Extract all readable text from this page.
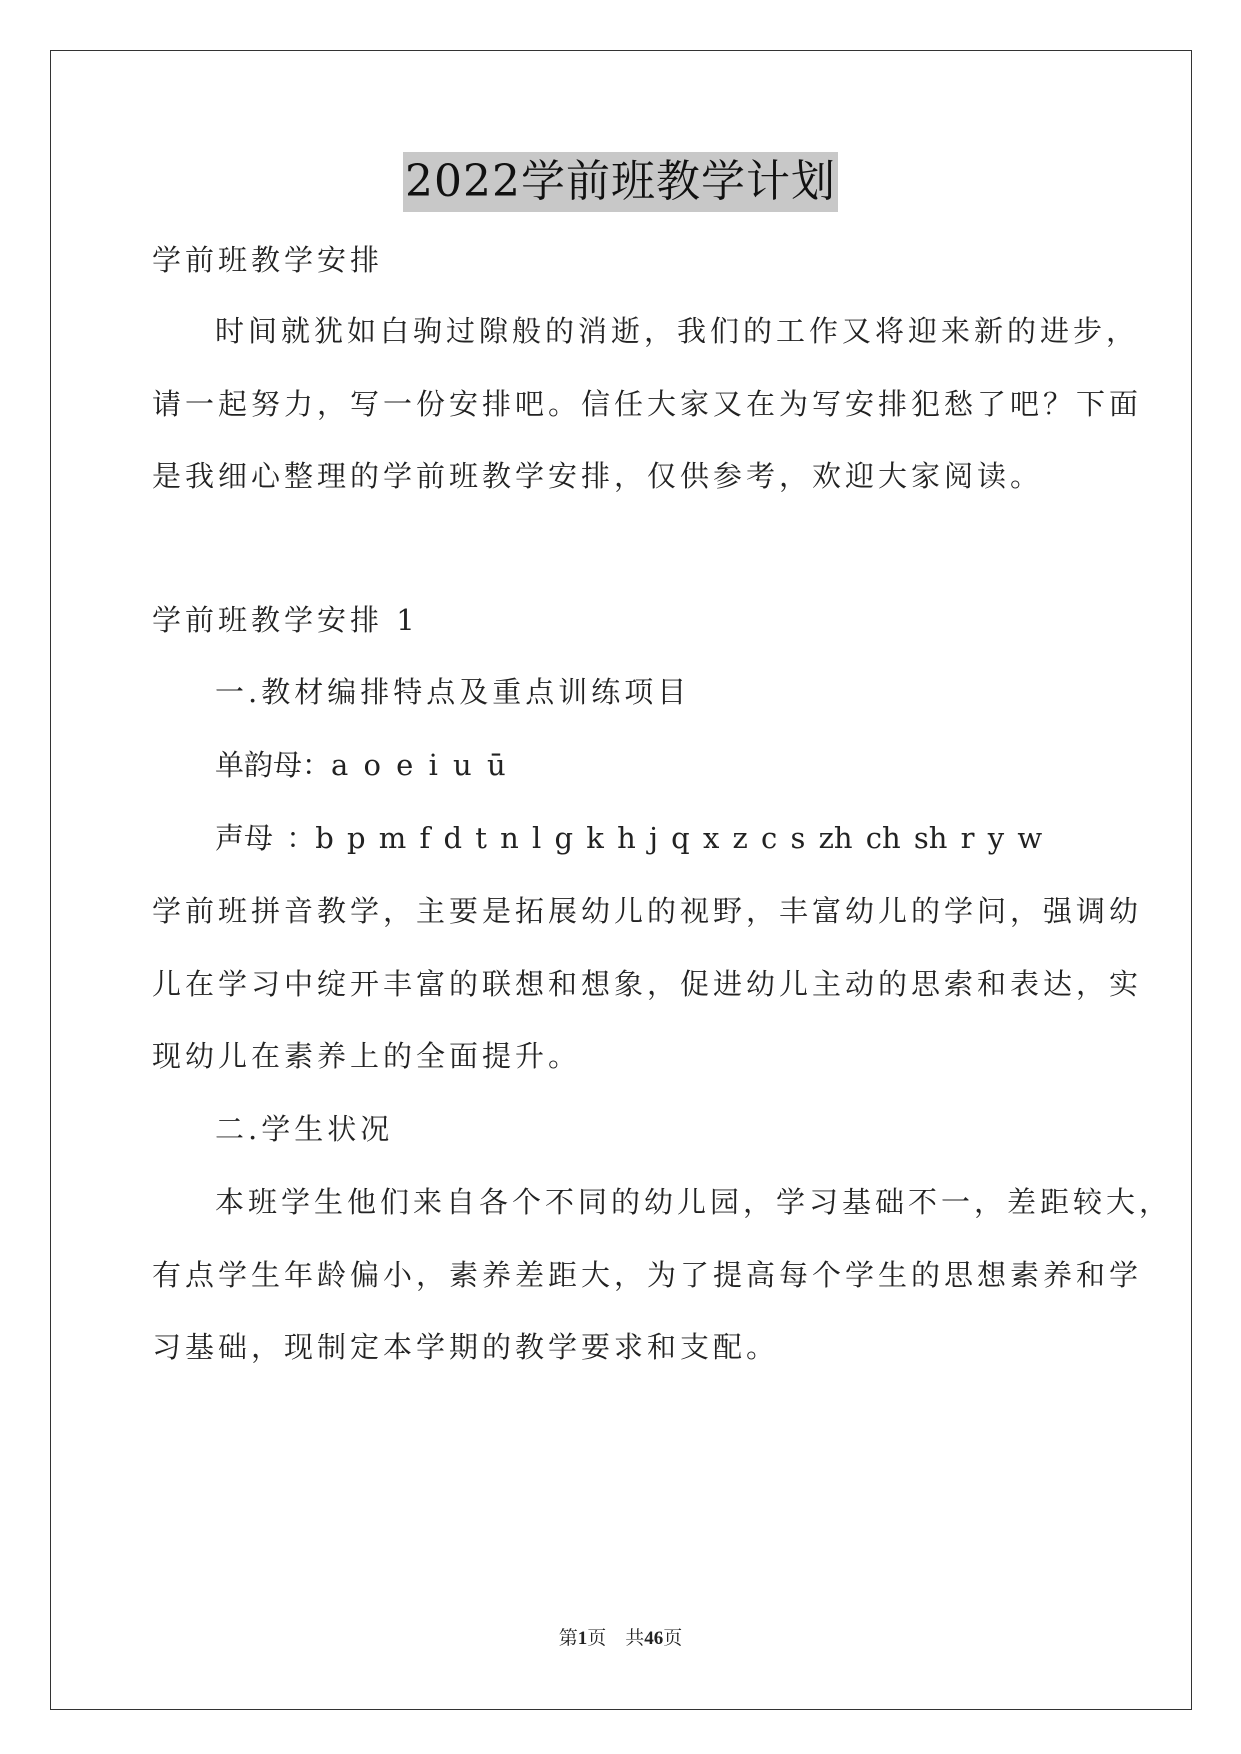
2022学前班教学计划
学前班教学安排
时间就犹如白驹过隙般的消逝，我们的工作又将迎来新的进步，
请一起努力，写一份安排吧。信任大家又在为写安排犯愁了吧？下面
是我细心整理的学前班教学安排，仅供参考，欢迎大家阅读。
学前班教学安排 1
一.教材编排特点及重点训练项目
单韵母：a o e i u ū
声母 ：b p m f d t n l g k h j q x z c s zh ch sh r y w
学前班拼音教学，主要是拓展幼儿的视野，丰富幼儿的学问，强调幼
儿在学习中绽开丰富的联想和想象，促进幼儿主动的思索和表达，实
现幼儿在素养上的全面提升。
二.学生状况
本班学生他们来自各个不同的幼儿园，学习基础不一，差距较大，
有点学生年龄偏小，素养差距大，为了提高每个学生的思想素养和学
习基础，现制定本学期的教学要求和支配。
第1页　共46页
